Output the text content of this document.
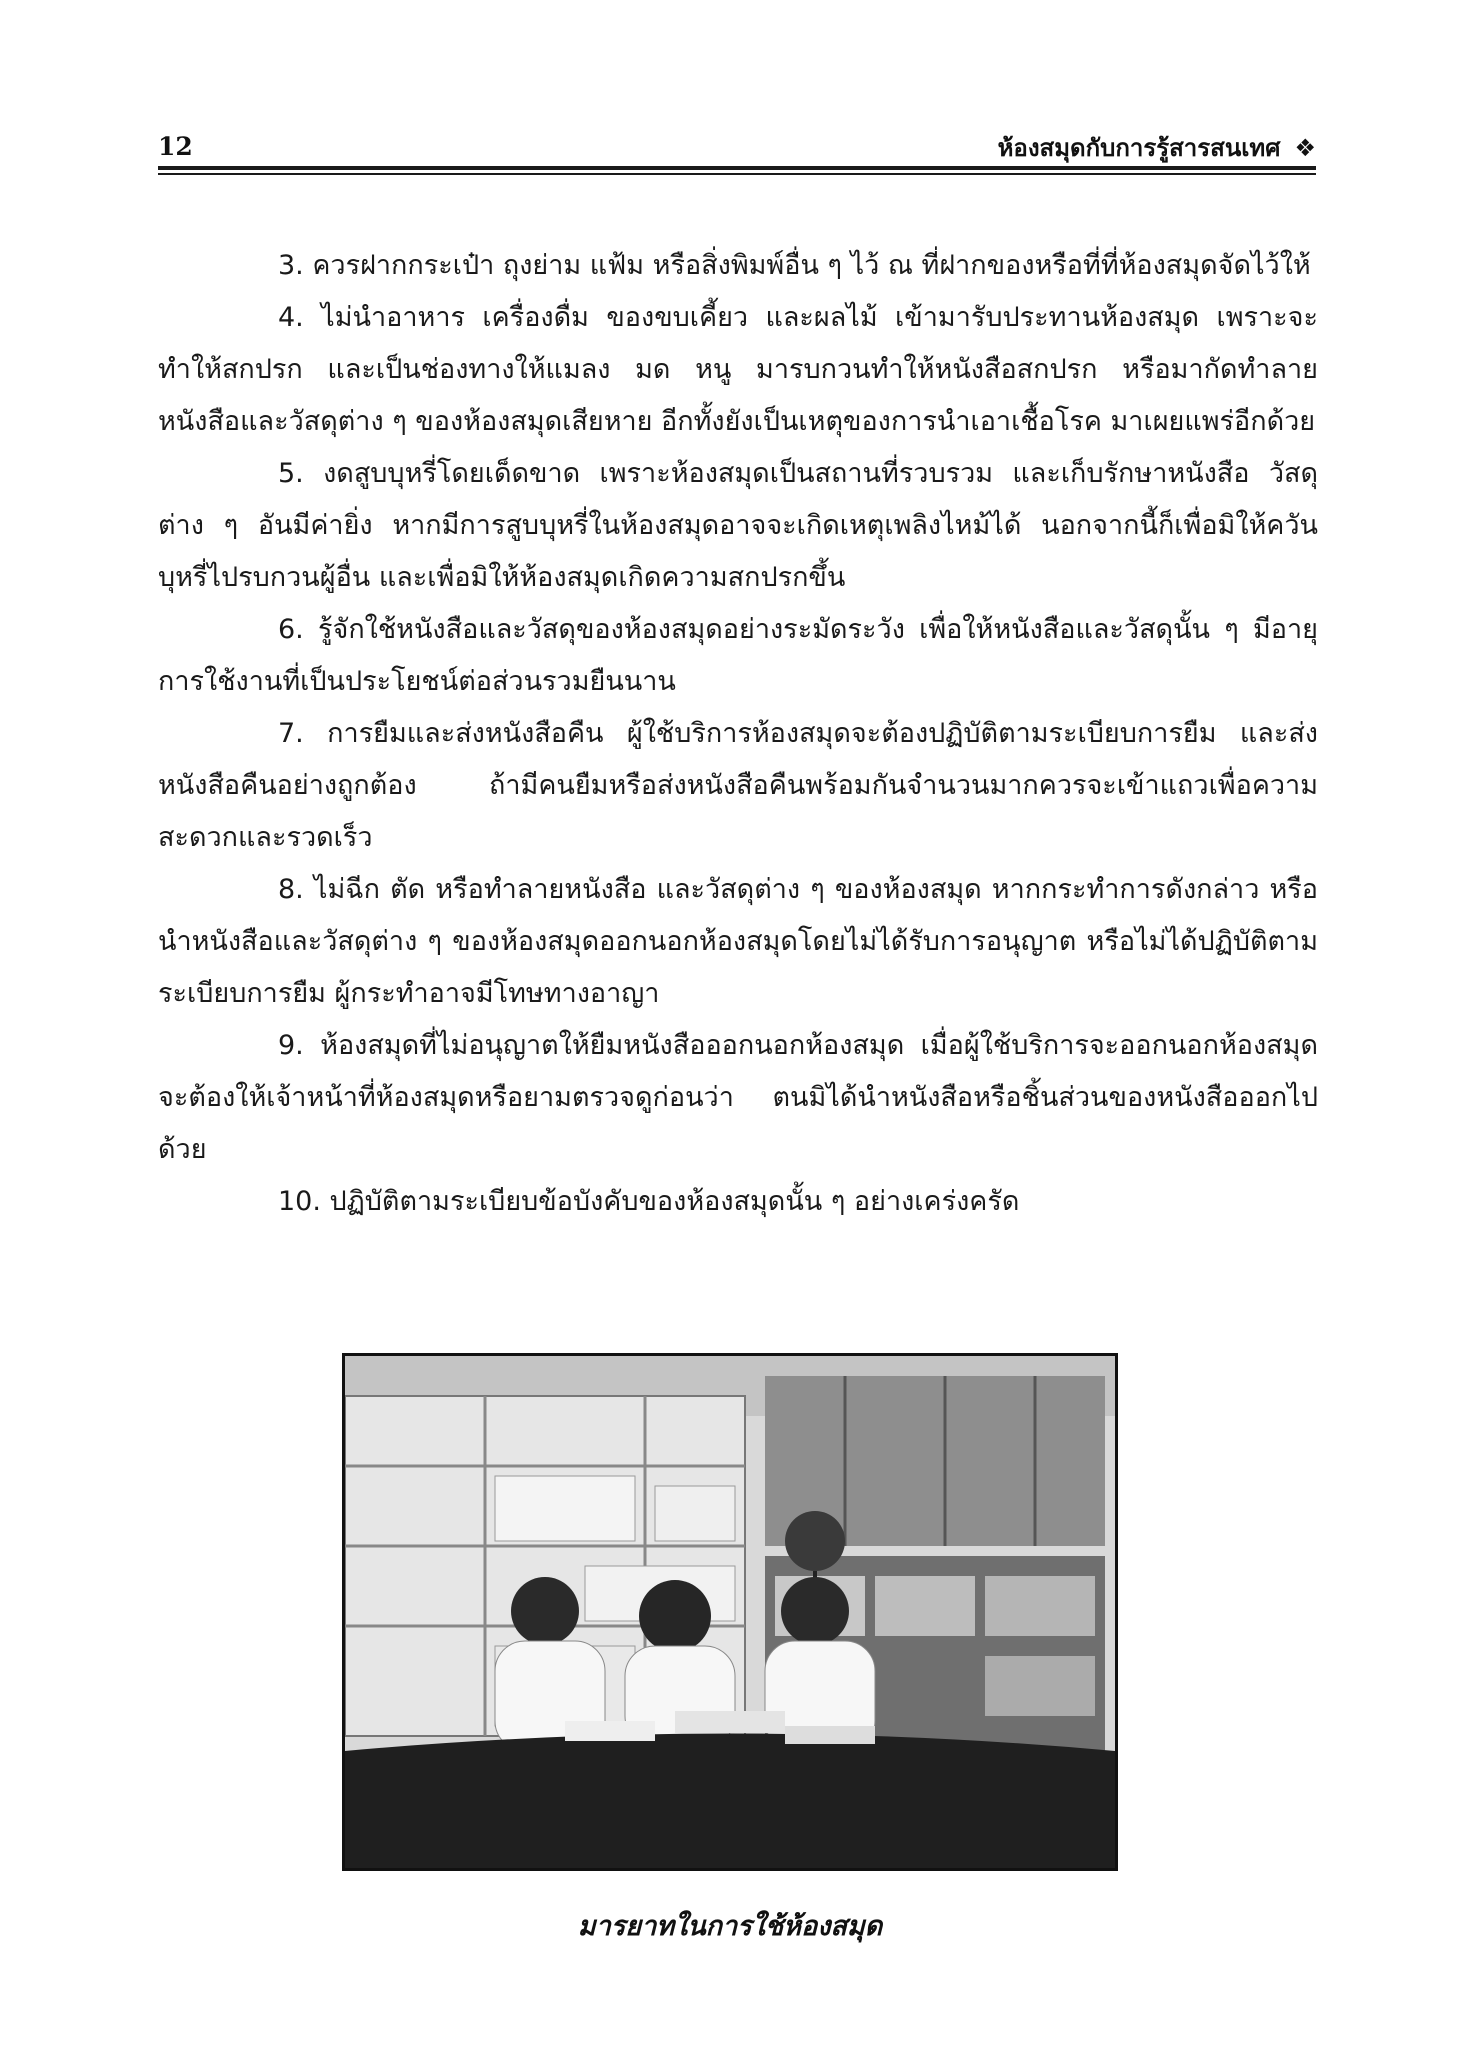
12	ห้องสมุดกับการรู้สารสนเทศ ❖

3. ควรฝากกระเป๋า ถุงย่าม แฟ้ม หรือสิ่งพิมพ์อื่น ๆ ไว้ ณ ที่ฝากของหรือที่ที่ห้องสมุดจัดไว้ให้

4. ไม่นำอาหาร เครื่องดื่ม ของขบเคี้ยว และผลไม้ เข้ามารับประทานห้องสมุด เพราะจะทำให้สกปรก และเป็นช่องทางให้แมลง มด หนู มารบกวนทำให้หนังสือสกปรก หรือมากัดทำลายหนังสือและวัสดุต่าง ๆ ของห้องสมุดเสียหาย อีกทั้งยังเป็นเหตุของการนำเอาเชื้อโรค มาเผยแพร่อีกด้วย

5. งดสูบบุหรี่โดยเด็ดขาด เพราะห้องสมุดเป็นสถานที่รวบรวม และเก็บรักษาหนังสือ วัสดุต่าง ๆ อันมีค่ายิ่ง หากมีการสูบบุหรี่ในห้องสมุดอาจจะเกิดเหตุเพลิงไหม้ได้ นอกจากนี้ก็เพื่อมิให้ควันบุหรี่ไปรบกวนผู้อื่น และเพื่อมิให้ห้องสมุดเกิดความสกปรกขึ้น

6. รู้จักใช้หนังสือและวัสดุของห้องสมุดอย่างระมัดระวัง เพื่อให้หนังสือและวัสดุนั้น ๆ มีอายุการใช้งานที่เป็นประโยชน์ต่อส่วนรวมยืนนาน

7. การยืมและส่งหนังสือคืน ผู้ใช้บริการห้องสมุดจะต้องปฏิบัติตามระเบียบการยืม และส่งหนังสือคืนอย่างถูกต้อง ถ้ามีคนยืมหรือส่งหนังสือคืนพร้อมกันจำนวนมากควรจะเข้าแถวเพื่อความสะดวกและรวดเร็ว

8. ไม่ฉีก ตัด หรือทำลายหนังสือ และวัสดุต่าง ๆ ของห้องสมุด หากกระทำการดังกล่าว หรือนำหนังสือและวัสดุต่าง ๆ ของห้องสมุดออกนอกห้องสมุดโดยไม่ได้รับการอนุญาต หรือไม่ได้ปฏิบัติตามระเบียบการยืม ผู้กระทำอาจมีโทษทางอาญา

9. ห้องสมุดที่ไม่อนุญาตให้ยืมหนังสือออกนอกห้องสมุด เมื่อผู้ใช้บริการจะออกนอกห้องสมุดจะต้องให้เจ้าหน้าที่ห้องสมุดหรือยามตรวจดูก่อนว่า ตนมิได้นำหนังสือหรือชิ้นส่วนของหนังสือออกไปด้วย

10. ปฏิบัติตามระเบียบข้อบังคับของห้องสมุดนั้น ๆ อย่างเคร่งครัด

มารยาทในการใช้ห้องสมุด
